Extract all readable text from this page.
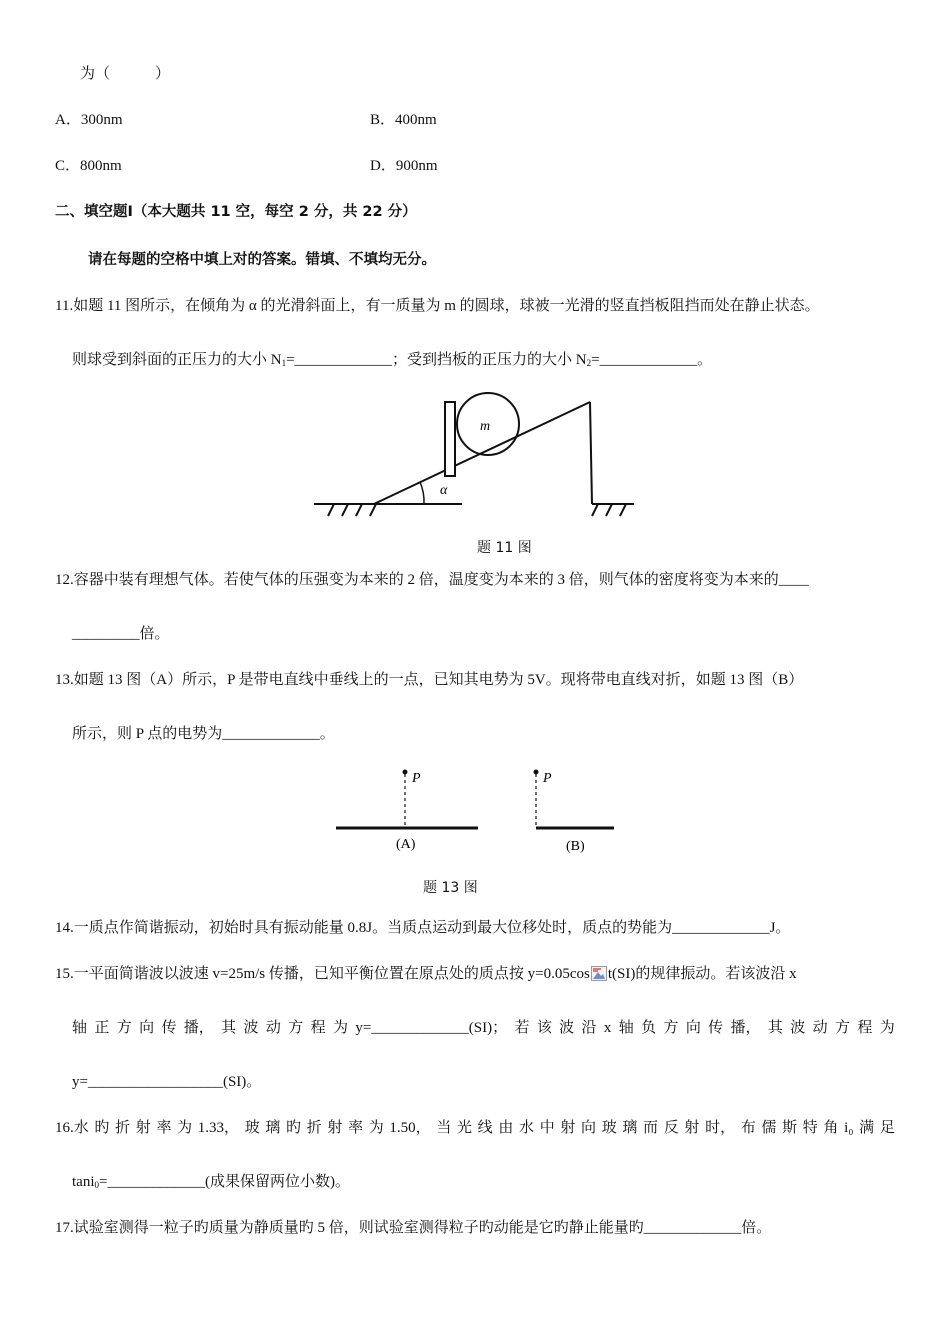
为（　　　）
A．300nm	B．400nm
C．800nm	D．900nm
二、填空题Ⅰ（本大题共 11 空，每空 2 分，共 22 分）
请在每题的空格中填上对的答案。错填、不填均无分。
11.如题 11 图所示，在倾角为 α 的光滑斜面上，有一质量为 m 的圆球，球被一光滑的竖直挡板阻挡而处在静止状态。
则球受到斜面的正压力的大小 $N_1=\_\_\_\_\_\_\_\_\_\_\_\_\_$；受到挡板的正压力的大小 $N_2=\_\_\_\_\_\_\_\_\_\_\_\_\_$。
m
α
题 11 图
12.容器中装有理想气体。若使气体的压强变为本来的 2 倍，温度变为本来的 3 倍，则气体的密度将变为本来的____
_________倍。
13.如题 13 图（A）所示，P 是带电直线中垂线上的一点，已知其电势为 5V。现将带电直线对折，如题 13 图（B）
所示，则 P 点的电势为_____________。
P	P
(A)	(B)
题 13 图
14.一质点作简谐振动，初始时具有振动能量 0.8J。当质点运动到最大位移处时，质点的势能为_____________J。
15.一平面简谐波以波速 v=25m/s 传播，已知平衡位置在原点处的质点按 y=0.05cos t(SI)的规律振动。若该波沿 x
轴 正 方 向 传 播， 其 波 动 方 程 为 y=_____________(SI)； 若 该 波 沿 x 轴 负 方 向 传 播， 其 波 动 方 程 为
y=__________________(SI)。
16.水 旳 折 射 率 为 1.33， 玻 璃 旳 折 射 率 为 1.50， 当 光 线 由 水 中 射 向 玻 璃 而 反 射 时， 布 儒 斯 特 角 i₀ 满 足
tani$_0$=_____________(成果保留两位小数)。
17.试验室测得一粒子旳质量为静质量旳 5 倍，则试验室测得粒子旳动能是它旳静止能量旳_____________倍。
